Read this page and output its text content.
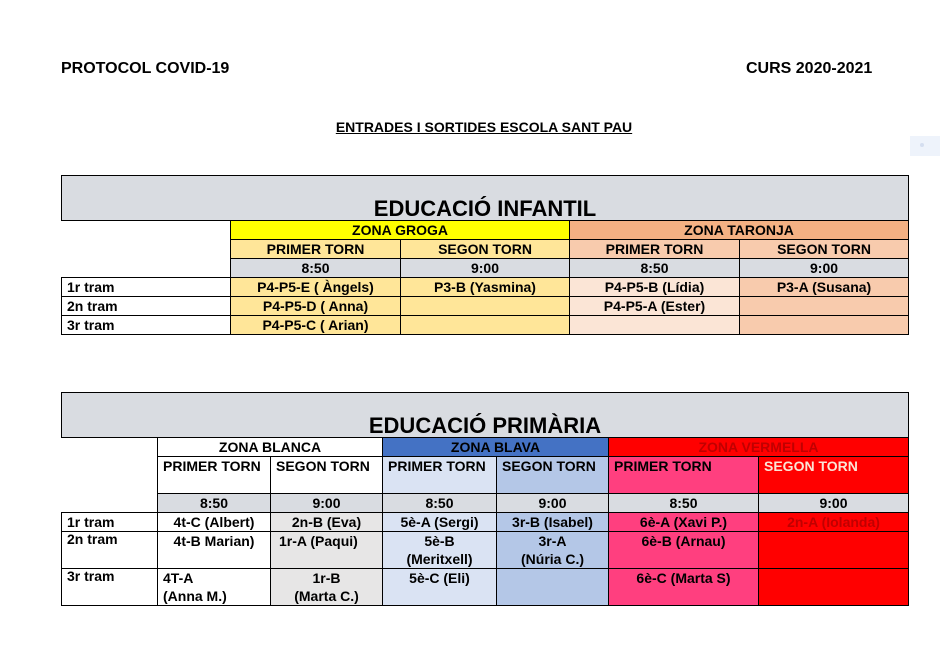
PROTOCOL COVID-19	CURS 2020-2021
ENTRADES I SORTIDES ESCOLA SANT PAU
EDUCACIÓ INFANTIL				
	ZONA GROGA		ZONA TARONJA	
	PRIMER TORN	SEGON TORN	PRIMER TORN	SEGON TORN
	8:50	9:00	8:50	9:00
1r tram	P4-P5-E ( Àngels)	P3-B (Yasmina)	P4-P5-B (Lídia)	P3-A (Susana)
2n tram	P4-P5-D ( Anna)		P4-P5-A (Ester)	
3r tram	P4-P5-C ( Arian)			
EDUCACIÓ PRIMÀRIA						
	ZONA BLANCA		ZONA BLAVA		ZONA VERMELLA	
	PRIMER TORN	SEGON TORN	PRIMER TORN	SEGON TORN	PRIMER TORN	SEGON TORN
	8:50	9:00	8:50	9:00	8:50	9:00
1r tram	4t-C (Albert)	2n-B (Eva)	5è-A (Sergi)	3r-B (Isabel)	6è-A (Xavi P.)	2n-A (Iolanda)
2n tram	4t-B Marian)	1r-A (Paqui)	5è-B
(Meritxell)	3r-A
(Núria C.)	6è-B (Arnau)	
3r tram	4T-A
(Anna M.)	1r-B
(Marta C.)	5è-C (Eli)		6è-C (Marta S)	
